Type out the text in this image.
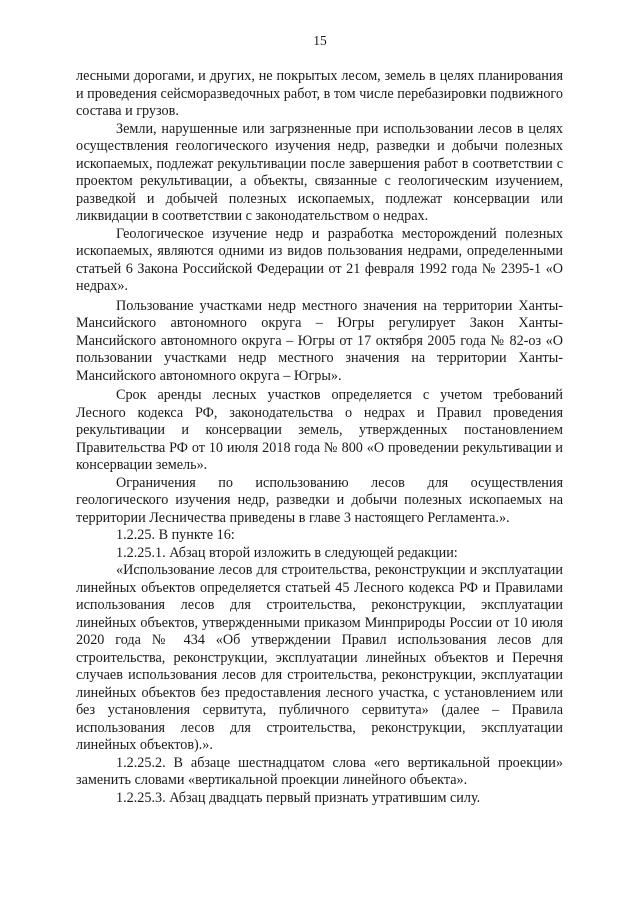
15

лесными дорогами, и других, не покрытых лесом, земель в целях планирования и проведения сейсморазведочных работ, в том числе перебазировки подвижного состава и грузов.

Земли, нарушенные или загрязненные при использовании лесов в целях осуществления геологического изучения недр, разведки и добычи полезных ископаемых, подлежат рекультивации после завершения работ в соответствии с проектом рекультивации, а объекты, связанные с геологическим изучением, разведкой и добычей полезных ископаемых, подлежат консервации или ликвидации в соответствии с законодательством о недрах.

Геологическое изучение недр и разработка месторождений полезных ископаемых, являются одними из видов пользования недрами, определенными статьей 6 Закона Российской Федерации от 21 февраля 1992 года № 2395-1 «О недрах».

Пользование участками недр местного значения на территории Ханты-Мансийского автономного округа – Югры регулирует Закон Ханты-Мансийского автономного округа – Югры от 17 октября 2005 года № 82-оз «О пользовании участками недр местного значения на территории Ханты-Мансийского автономного округа – Югры».

Срок аренды лесных участков определяется с учетом требований Лесного кодекса РФ, законодательства о недрах и Правил проведения рекультивации и консервации земель, утвержденных постановлением Правительства РФ от 10 июля 2018 года № 800 «О проведении рекультивации и консервации земель».

Ограничения по использованию лесов для осуществления геологического изучения недр, разведки и добычи полезных ископаемых на территории Лесничества приведены в главе 3 настоящего Регламента.».

1.2.25. В пункте 16:

1.2.25.1. Абзац второй изложить в следующей редакции:

«Использование лесов для строительства, реконструкции и эксплуатации линейных объектов определяется статьей 45 Лесного кодекса РФ и Правилами использования лесов для строительства, реконструкции, эксплуатации линейных объектов, утвержденными приказом Минприроды России от 10 июля 2020 года № 434 «Об утверждении Правил использования лесов для строительства, реконструкции, эксплуатации линейных объектов и Перечня случаев использования лесов для строительства, реконструкции, эксплуатации линейных объектов без предоставления лесного участка, с установлением или без установления сервитута, публичного сервитута» (далее – Правила использования лесов для строительства, реконструкции, эксплуатации линейных объектов).».

1.2.25.2. В абзаце шестнадцатом слова «его вертикальной проекции» заменить словами «вертикальной проекции линейного объекта».

1.2.25.3. Абзац двадцать первый признать утратившим силу.
